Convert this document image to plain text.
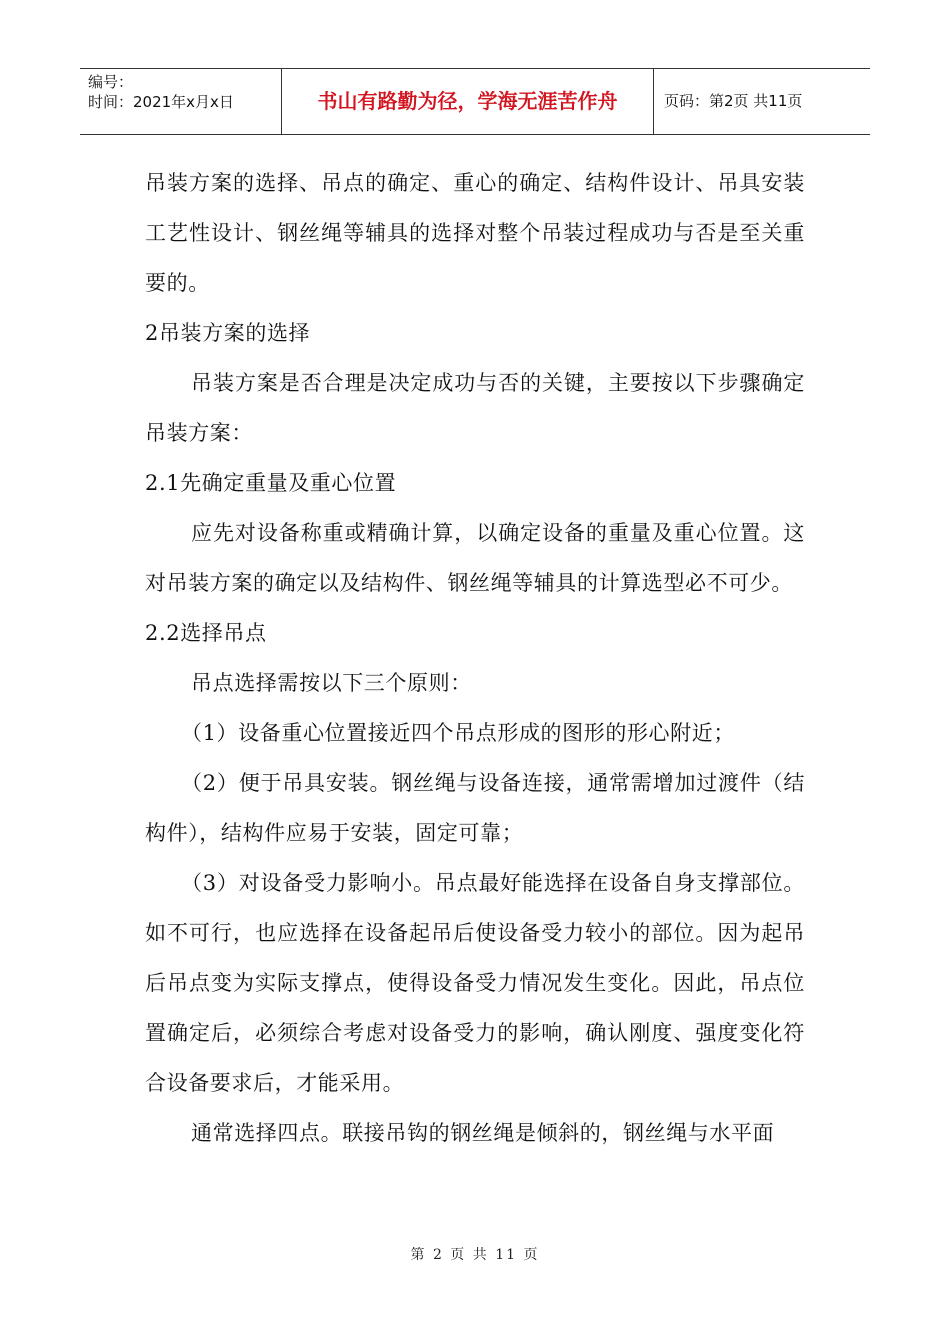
编号：
时间：2021年x月x日	书山有路勤为径，学海无涯苦作舟	页码：第2页 共11页

吊装方案的选择、吊点的确定、重心的确定、结构件设计、吊具安装工艺性设计、钢丝绳等辅具的选择对整个吊装过程成功与否是至关重要的。

2吊装方案的选择

吊装方案是否合理是决定成功与否的关键，主要按以下步骤确定吊装方案：

2.1先确定重量及重心位置

应先对设备称重或精确计算，以确定设备的重量及重心位置。这对吊装方案的确定以及结构件、钢丝绳等辅具的计算选型必不可少。

2.2选择吊点

吊点选择需按以下三个原则：

（1）设备重心位置接近四个吊点形成的图形的形心附近；

（2）便于吊具安装。钢丝绳与设备连接，通常需增加过渡件（结构件），结构件应易于安装，固定可靠；

（3）对设备受力影响小。吊点最好能选择在设备自身支撑部位。如不可行，也应选择在设备起吊后使设备受力较小的部位。因为起吊后吊点变为实际支撑点，使得设备受力情况发生变化。因此，吊点位置确定后，必须综合考虑对设备受力的影响，确认刚度、强度变化符合设备要求后，才能采用。

通常选择四点。联接吊钩的钢丝绳是倾斜的，钢丝绳与水平面

第 2 页 共 11 页
